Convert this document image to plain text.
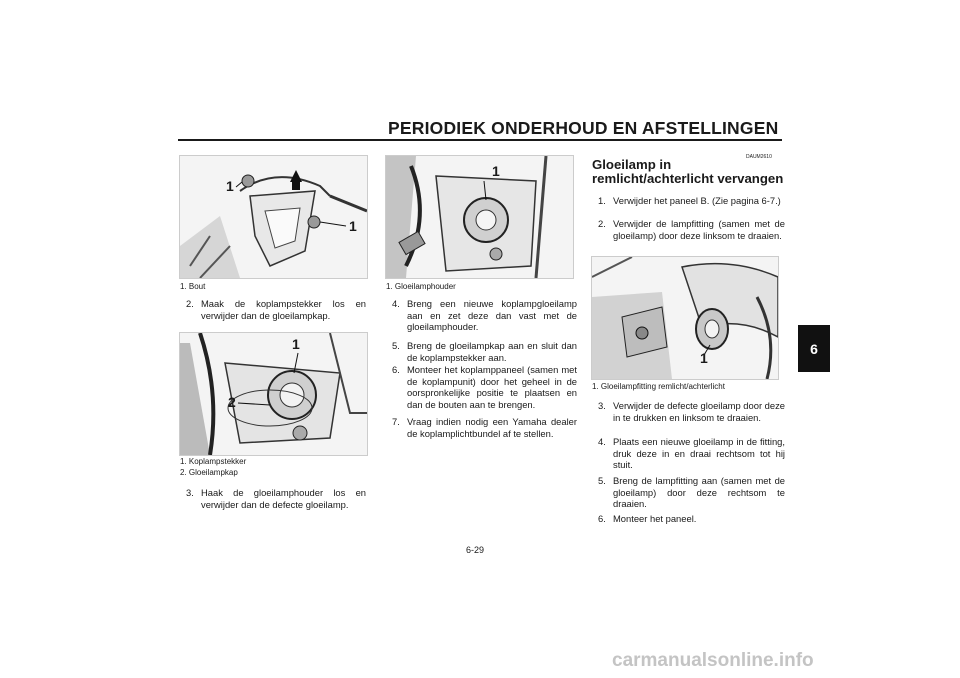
PERIODIEK ONDERHOUD EN AFSTELLINGEN
6
1
1
1. Bout
2. Maak de koplampstekker los en verwijder dan de gloeilampkap.
1
2
1. Koplampstekker
2. Gloeilampkap
3. Haak de gloeilamphouder los en verwijder dan de defecte gloeilamp.
1
1. Gloeilamphouder
4. Breng een nieuwe koplampgloeilamp aan en zet deze dan vast met de gloeilamphouder.
5. Breng de gloeilampkap aan en sluit dan de koplampstekker aan.
6. Monteer het koplamppaneel (samen met de koplampunit) door het geheel in de oorspronkelijke positie te plaatsen en dan de bouten aan te brengen.
7. Vraag indien nodig een Yamaha dealer de koplamplichtbundel af te stellen.
DAUM2610
Gloeilamp in remlicht/achterlicht vervangen
1. Verwijder het paneel B. (Zie pagina 6-7.)
2. Verwijder de lampfitting (samen met de gloeilamp) door deze linksom te draaien.
1
1. Gloeilampfitting remlicht/achterlicht
3. Verwijder de defecte gloeilamp door deze in te drukken en linksom te draaien.
4. Plaats een nieuwe gloeilamp in de fitting, druk deze in en draai rechtsom tot hij stuit.
5. Breng de lampfitting aan (samen met de gloeilamp) door deze rechtsom te draaien.
6. Monteer het paneel.
6-29
carmanualsonline.info
